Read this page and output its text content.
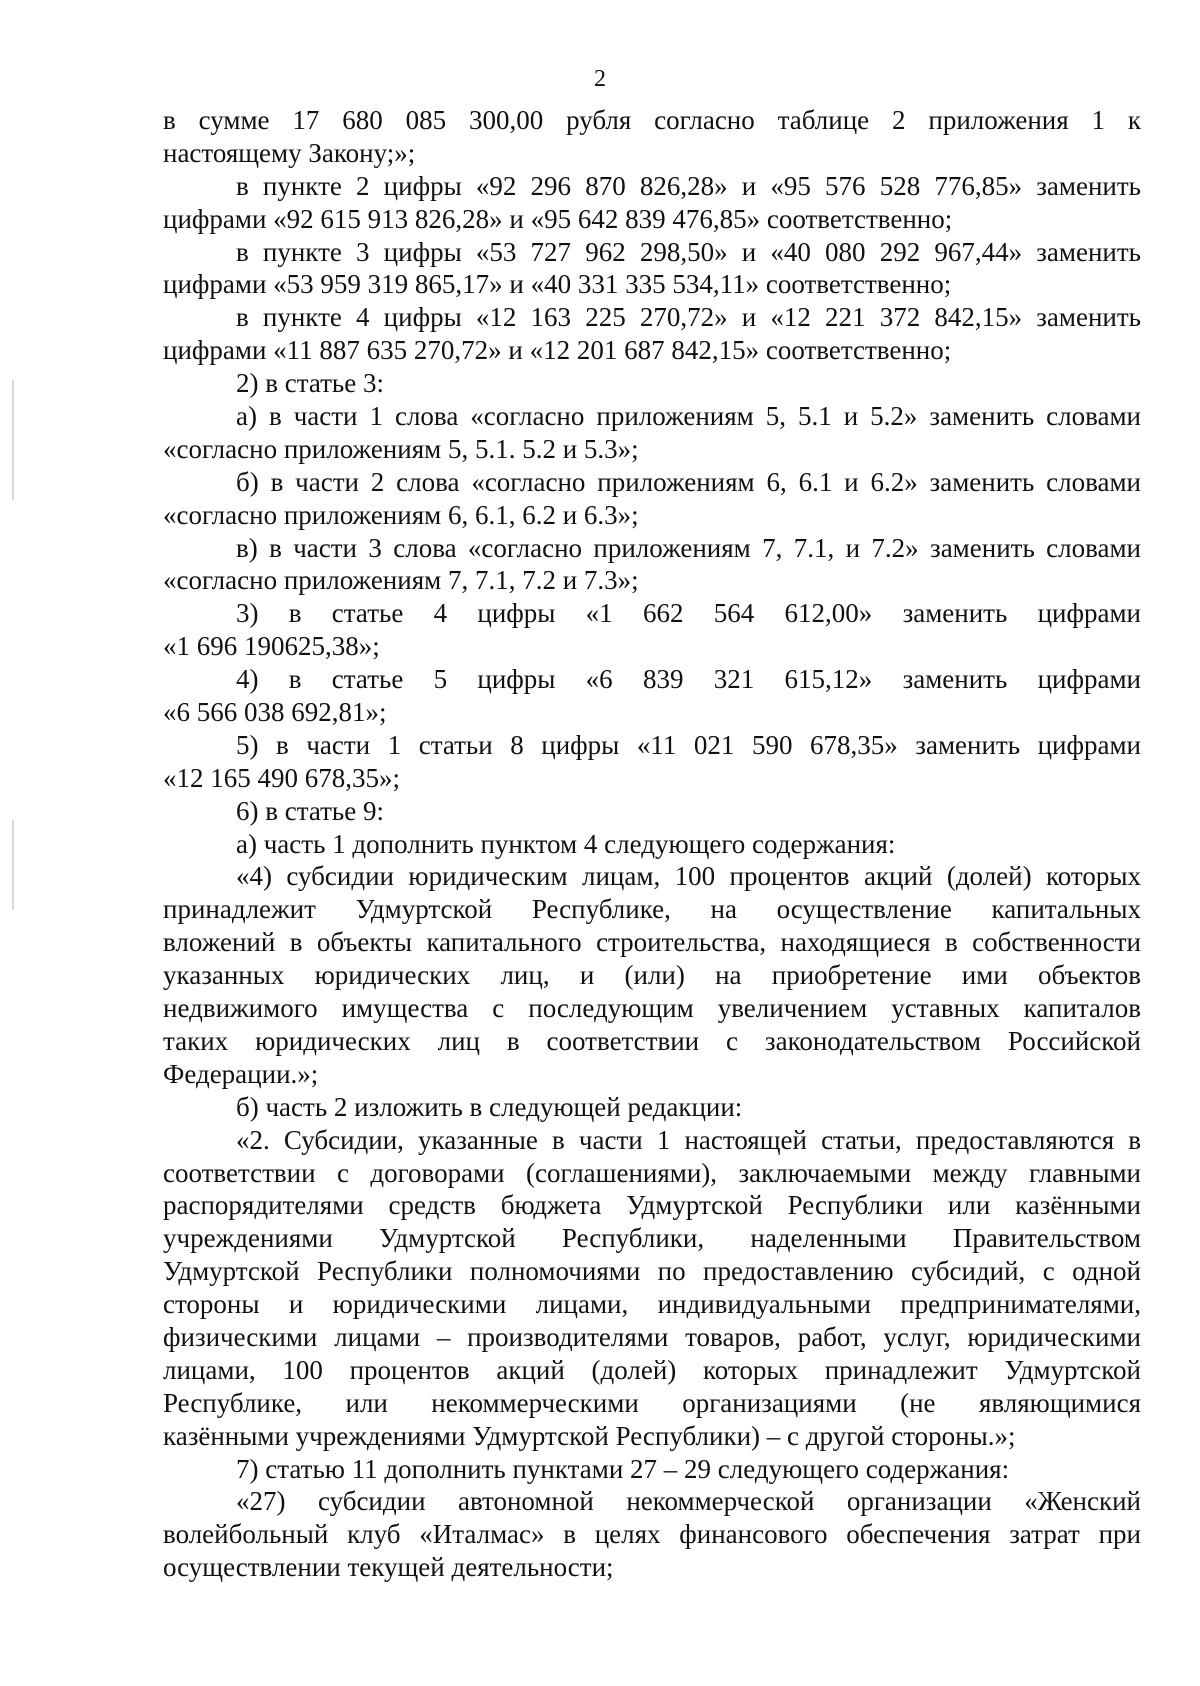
2
в сумме 17 680 085 300,00 рубля согласно таблице 2 приложения 1 к
настоящему Закону;»;
в пункте 2 цифры «92 296 870 826,28» и «95 576 528 776,85» заменить
цифрами «92 615 913 826,28» и «95 642 839 476,85» соответственно;
в пункте 3 цифры «53 727 962 298,50» и «40 080 292 967,44» заменить
цифрами «53 959 319 865,17» и «40 331 335 534,11» соответственно;
в пункте 4 цифры «12 163 225 270,72» и «12 221 372 842,15» заменить
цифрами «11 887 635 270,72» и «12 201 687 842,15» соответственно;
2) в статье 3:
а) в части 1 слова «согласно приложениям 5, 5.1 и 5.2» заменить словами
«согласно приложениям 5, 5.1. 5.2 и 5.3»;
б) в части 2 слова «согласно приложениям 6, 6.1 и 6.2» заменить словами
«согласно приложениям 6, 6.1, 6.2 и 6.3»;
в) в части 3 слова «согласно приложениям 7, 7.1, и 7.2» заменить словами
«согласно приложениям 7, 7.1, 7.2 и 7.3»;
3) в статье 4 цифры «1 662 564 612,00» заменить цифрами
«1 696 190625,38»;
4) в статье 5 цифры «6 839 321 615,12» заменить цифрами
«6 566 038 692,81»;
5) в части 1 статьи 8 цифры «11 021 590 678,35» заменить цифрами
«12 165 490 678,35»;
6) в статье 9:
а) часть 1 дополнить пунктом 4 следующего содержания:
«4) субсидии юридическим лицам, 100 процентов акций (долей) которых
принадлежит Удмуртской Республике, на осуществление капитальных
вложений в объекты капитального строительства, находящиеся в собственности
указанных юридических лиц, и (или) на приобретение ими объектов
недвижимого имущества с последующим увеличением уставных капиталов
таких юридических лиц в соответствии с законодательством Российской
Федерации.»;
б) часть 2 изложить в следующей редакции:
«2. Субсидии, указанные в части 1 настоящей статьи, предоставляются в
соответствии с договорами (соглашениями), заключаемыми между главными
распорядителями средств бюджета Удмуртской Республики или казёнными
учреждениями Удмуртской Республики, наделенными Правительством
Удмуртской Республики полномочиями по предоставлению субсидий, с одной
стороны и юридическими лицами, индивидуальными предпринимателями,
физическими лицами – производителями товаров, работ, услуг, юридическими
лицами, 100 процентов акций (долей) которых принадлежит Удмуртской
Республике, или некоммерческими организациями (не являющимися
казёнными учреждениями Удмуртской Республики) – с другой стороны.»;
7) статью 11 дополнить пунктами 27 – 29 следующего содержания:
«27) субсидии автономной некоммерческой организации «Женский
волейбольный клуб «Италмас» в целях финансового обеспечения затрат при
осуществлении текущей деятельности;
